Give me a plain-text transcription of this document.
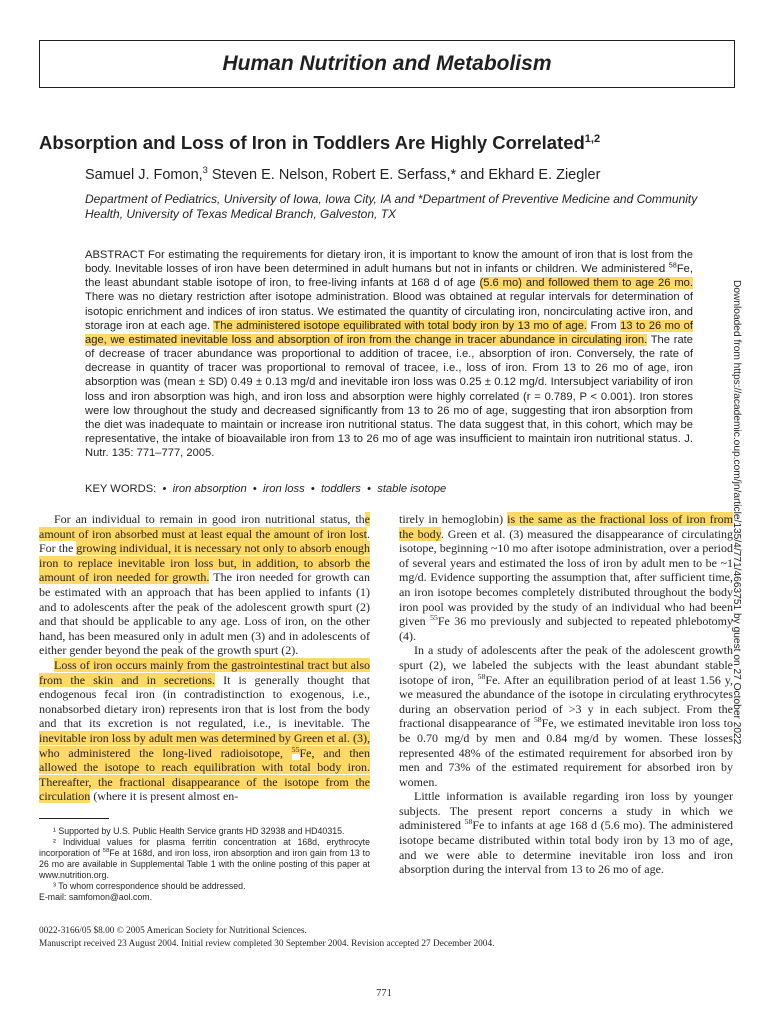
Human Nutrition and Metabolism
Absorption and Loss of Iron in Toddlers Are Highly Correlated$^{1,2}$
Samuel J. Fomon,$^3$ Steven E. Nelson, Robert E. Serfass,* and Ekhard E. Ziegler
Department of Pediatrics, University of Iowa, Iowa City, IA and *Department of Preventive Medicine and Community Health, University of Texas Medical Branch, Galveston, TX
ABSTRACT For estimating the requirements for dietary iron, it is important to know the amount of iron that is lost from the body. Inevitable losses of iron have been determined in adult humans but not in infants or children. We administered $^{58}$Fe, the least abundant stable isotope of iron, to free-living infants at 168 d of age (5.6 mo) and followed them to age 26 mo. There was no dietary restriction after isotope administration. Blood was obtained at regular intervals for determination of isotopic enrichment and indices of iron status. We estimated the quantity of circulating iron, noncirculating active iron, and storage iron at each age. The administered isotope equilibrated with total body iron by 13 mo of age. From 13 to 26 mo of age, we estimated inevitable loss and absorption of iron from the change in tracer abundance in circulating iron. The rate of decrease of tracer abundance was proportional to addition of tracee, i.e., absorption of iron. Conversely, the rate of decrease in quantity of tracer was proportional to removal of tracee, i.e., loss of iron. From 13 to 26 mo of age, iron absorption was (mean ± SD) 0.49 ± 0.13 mg/d and inevitable iron loss was 0.25 ± 0.12 mg/d. Intersubject variability of iron loss and iron absorption was high, and iron loss and absorption were highly correlated (r = 0.789, P < 0.001). Iron stores were low throughout the study and decreased significantly from 13 to 26 mo of age, suggesting that iron absorption from the diet was inadequate to maintain or increase iron nutritional status. The data suggest that, in this cohort, which may be representative, the intake of bioavailable iron from 13 to 26 mo of age was insufficient to maintain iron nutritional status. J. Nutr. 135: 771–777, 2005.
KEY WORDS:  •  iron absorption  •  iron loss  •  toddlers  •  stable isotope

For an individual to remain in good iron nutritional status, the amount of iron absorbed must at least equal the amount of iron lost. For the growing individual, it is necessary not only to absorb enough iron to replace inevitable iron loss but, in addition, to absorb the amount of iron needed for growth. The iron needed for growth can be estimated with an approach that has been applied to infants (1) and to adolescents after the peak of the adolescent growth spurt (2) and that should be applicable to any age. Loss of iron, on the other hand, has been measured only in adult men (3) and in adolescents of either gender beyond the peak of the growth spurt (2).

Loss of iron occurs mainly from the gastrointestinal tract but also from the skin and in secretions. It is generally thought that endogenous fecal iron (in contradistinction to exogenous, i.e., nonabsorbed dietary iron) represents iron that is lost from the body and that its excretion is not regulated, i.e., is inevitable. The inevitable iron loss by adult men was determined by Green et al. (3), who administered the long-lived radioisotope, $^{55}$Fe, and then allowed the isotope to reach equilibration with total body iron. Thereafter, the fractional disappearance of the isotope from the circulation (where it is present almost en-

tirely in hemoglobin) is the same as the fractional loss of iron from the body. Green et al. (3) measured the disappearance of circulating isotope, beginning ~10 mo after isotope administration, over a period of several years and estimated the loss of iron by adult men to be ~1 mg/d. Evidence supporting the assumption that, after sufficient time, an iron isotope becomes completely distributed throughout the body iron pool was provided by the study of an individual who had been given $^{55}$Fe 36 mo previously and subjected to repeated phlebotomy (4).

In a study of adolescents after the peak of the adolescent growth spurt (2), we labeled the subjects with the least abundant stable isotope of iron, $^{58}$Fe. After an equilibration period of at least 1.56 y, we measured the abundance of the isotope in circulating erythrocytes during an observation period of >3 y in each subject. From the fractional disappearance of $^{58}$Fe, we estimated inevitable iron loss to be 0.70 mg/d by men and 0.84 mg/d by women. These losses represented 48% of the estimated requirement for absorbed iron by men and 73% of the estimated requirement for absorbed iron by women.

Little information is available regarding iron loss by younger subjects. The present report concerns a study in which we administered $^{58}$Fe to infants at age 168 d (5.6 mo). The administered isotope became distributed within total body iron by 13 mo of age, and we were able to determine inevitable iron loss and iron absorption during the interval from 13 to 26 mo of age.

¹ Supported by U.S. Public Health Service grants HD 32938 and HD40315.

² Individual values for plasma ferritin concentration at 168d, erythrocyte incorporation of $^{58}$Fe at 168d, and iron loss, iron absorption and iron gain from 13 to 26 mo are available in Supplemental Table 1 with the online posting of this paper at www.nutrition.org.

³ To whom correspondence should be addressed.

E-mail: samfomon@aol.com.

0022-3166/05 $8.00 © 2005 American Society for Nutritional Sciences.
Manuscript received 23 August 2004. Initial review completed 30 September 2004. Revision accepted 27 December 2004.
771
Downloaded from https://academic.oup.com/jn/article/135/4/771/4663751 by guest on 27 October 2022
